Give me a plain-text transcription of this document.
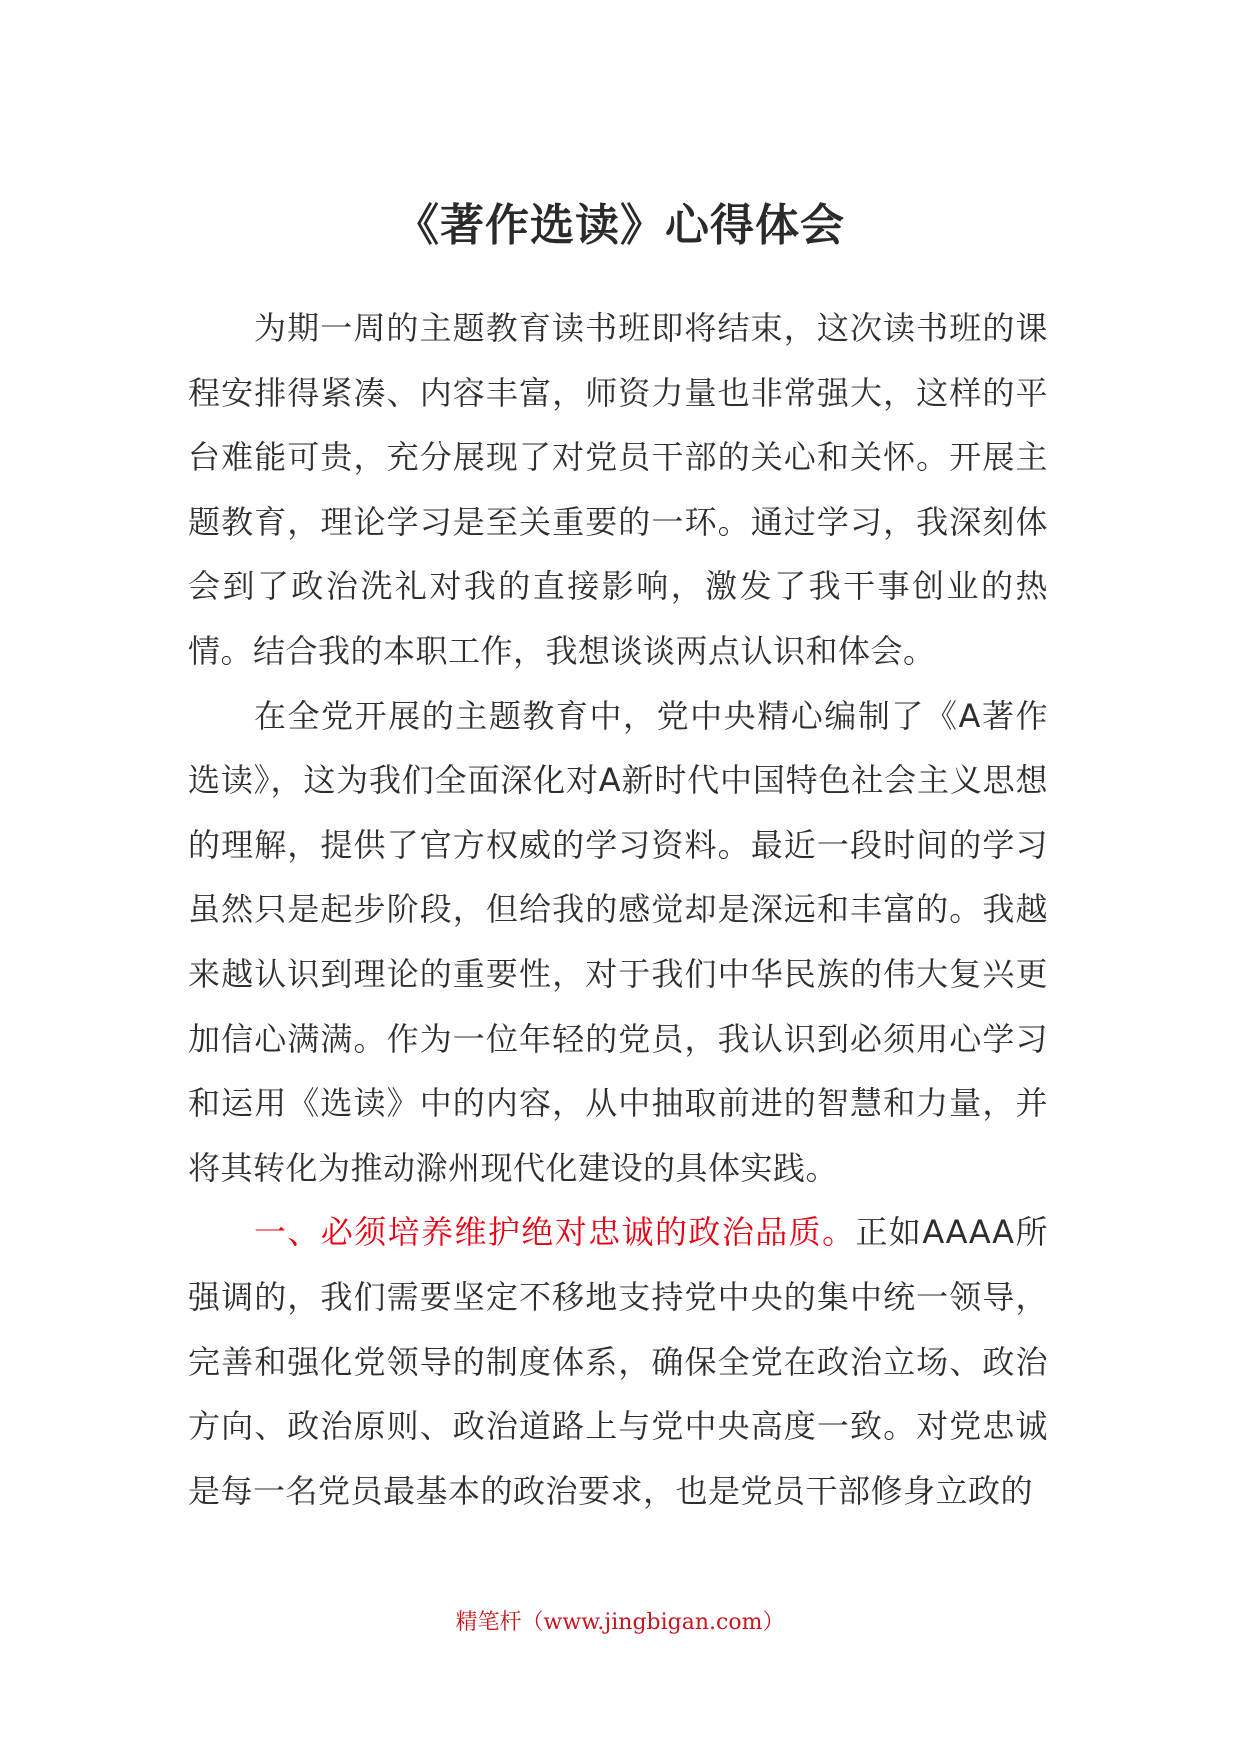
《著作选读》心得体会

为期一周的主题教育读书班即将结束，这次读书班的课程安排得紧凑、内容丰富，师资力量也非常强大，这样的平台难能可贵，充分展现了对党员干部的关心和关怀。开展主题教育，理论学习是至关重要的一环。通过学习，我深刻体会到了政治洗礼对我的直接影响，激发了我干事创业的热情。结合我的本职工作，我想谈谈两点认识和体会。

在全党开展的主题教育中，党中央精心编制了《A著作选读》，这为我们全面深化对A新时代中国特色社会主义思想的理解，提供了官方权威的学习资料。最近一段时间的学习虽然只是起步阶段，但给我的感觉却是深远和丰富的。我越来越认识到理论的重要性，对于我们中华民族的伟大复兴更加信心满满。作为一位年轻的党员，我认识到必须用心学习和运用《选读》中的内容，从中抽取前进的智慧和力量，并将其转化为推动滁州现代化建设的具体实践。

一、必须培养维护绝对忠诚的政治品质。正如AAAA所强调的，我们需要坚定不移地支持党中央的集中统一领导，完善和强化党领导的制度体系，确保全党在政治立场、政治方向、政治原则、政治道路上与党中央高度一致。对党忠诚是每一名党员最基本的政治要求，也是党员干部修身立政的

精笔杆（www.jingbigan.com）
